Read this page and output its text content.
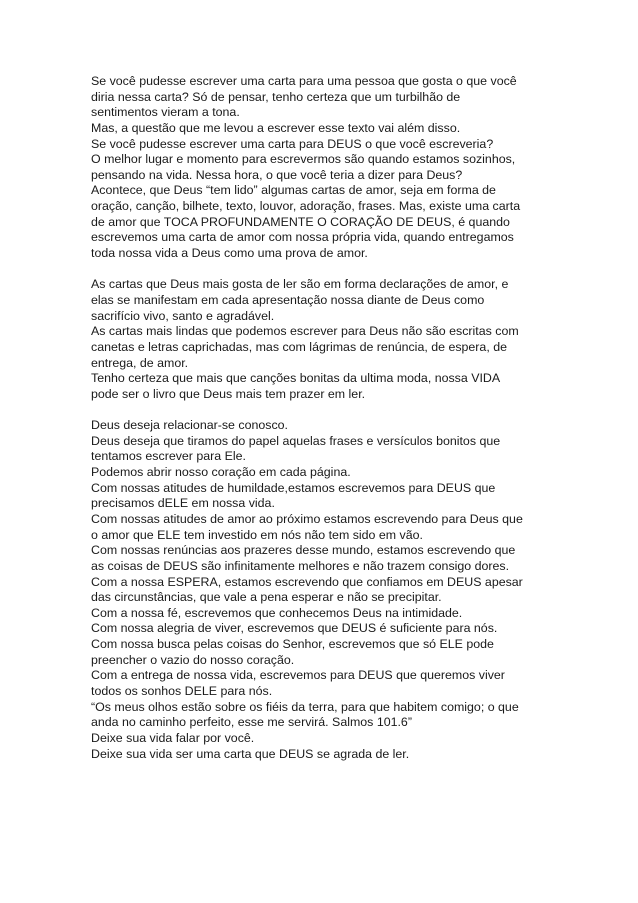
Se você pudesse escrever uma carta para uma pessoa que gosta o que você
diria nessa carta? Só de pensar, tenho certeza que um turbilhão de
sentimentos vieram a tona.
Mas, a questão que me levou a escrever esse texto vai além disso.
Se você pudesse escrever uma carta para DEUS o que você escreveria?
O melhor lugar e momento para escrevermos são quando estamos sozinhos,
pensando na vida. Nessa hora, o que você teria a dizer para Deus?
Acontece, que Deus “tem lido” algumas cartas de amor, seja em forma de
oração, canção, bilhete, texto, louvor, adoração, frases. Mas, existe uma carta
de amor que TOCA PROFUNDAMENTE O CORAÇÃO DE DEUS, é quando
escrevemos uma carta de amor com nossa própria vida, quando entregamos
toda nossa vida a Deus como uma prova de amor.
As cartas que Deus mais gosta de ler são em forma declarações de amor, e
elas se manifestam em cada apresentação nossa diante de Deus como
sacrifício vivo, santo e agradável.
As cartas mais lindas que podemos escrever para Deus não são escritas com
canetas e letras caprichadas, mas com lágrimas de renúncia, de espera, de
entrega, de amor.
Tenho certeza que mais que canções bonitas da ultima moda, nossa VIDA
pode ser o livro que Deus mais tem prazer em ler.
Deus deseja relacionar-se conosco.
Deus deseja que tiramos do papel aquelas frases e versículos bonitos que
tentamos escrever para Ele.
Podemos abrir nosso coração em cada página.
Com nossas atitudes de humildade,estamos escrevemos para DEUS que
precisamos dELE em nossa vida.
Com nossas atitudes de amor ao próximo estamos escrevendo para Deus que
o amor que ELE tem investido em nós não tem sido em vão.
Com nossas renúncias aos prazeres desse mundo, estamos escrevendo que
as coisas de DEUS são infinitamente melhores e não trazem consigo dores.
Com a nossa ESPERA, estamos escrevendo que confiamos em DEUS apesar
das circunstâncias, que vale a pena esperar e não se precipitar.
Com a nossa fé, escrevemos que conhecemos Deus na intimidade.
Com nossa alegria de viver, escrevemos que DEUS é suficiente para nós.
Com nossa busca pelas coisas do Senhor, escrevemos que só ELE pode
preencher o vazio do nosso coração.
Com a entrega de nossa vida, escrevemos para DEUS que queremos viver
todos os sonhos DELE para nós.
“Os meus olhos estão sobre os fiéis da terra, para que habitem comigo; o que
anda no caminho perfeito, esse me servirá. Salmos 101.6”
Deixe sua vida falar por você.
Deixe sua vida ser uma carta que DEUS se agrada de ler.
